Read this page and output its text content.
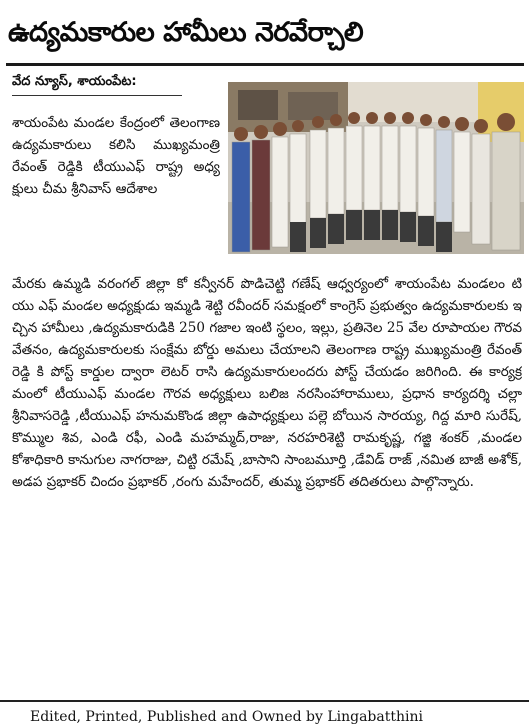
ఉద్యమకారుల హామీలు నెరవేర్చాలి
వేద న్యూస్, శాయంపేట:
శాయంపేట మండల కేంద్రంలో తెలంగాణ ఉద్యమకారులు కలిసి ముఖ్యమంత్రి రేవంత్ రెడ్డికి టీయుఎఫ్ రాష్ట్ర అధ్యక్షులు చీమ శ్రీనివాస్ ఆదేశాల
మేరకు ఉమ్మడి వరంగల్ జిల్లా కో కన్వీనర్ పొడిచెట్టి గణేష్ ఆధ్వర్యంలో శాయంపేట మండలం టి యు ఎఫ్ మండల అధ్యక్షుడు ఇమ్మడి శెట్టి రవీందర్ సమక్షంలో కాంగ్రెస్ ప్రభుత్వం ఉద్యమకారులకు ఇచ్చిన హామీలు ,ఉద్యమకారుడికి 250 గజాల ఇంటి స్థలం, ఇల్లు, ప్రతినెల 25 వేల రూపాయల గౌరవ వేతనం, ఉద్యమకారులకు సంక్షేమ బోర్డు అమలు చేయాలని తెలంగాణ రాష్ట్ర ముఖ్యమంత్రి రేవంత్ రెడ్డి కి పోస్ట్ కార్డుల ద్వారా లెటర్ రాసి ఉద్యమకారులందరు పోస్ట్ చేయడం జరిగింది. ఈ కార్యక్రమంలో టీయుఎఫ్ మండల గౌరవ అధ్యక్షులు బలిజ నరసింహారాములు, ప్రధాన కార్యదర్శి చల్లా శ్రీనివాసరెడ్డి ,టీయుఎఫ్ హనుమకొండ జిల్లా ఉపాధ్యక్షులు పల్లె బోయిన సారయ్య, గిద్ద మారి సురేష్, కొమ్ముల శివ, ఎండి రఫీ, ఎండి మహమ్మద్,రాజు, నరహరిశెట్టి రామకృష్ణ, గజ్జి శంకర్ ,మండల కోశాధికారి కానుగుల నాగరాజు, చిట్టి రమేష్ ,బాసాని సాంబమూర్తి ,డేవిడ్ రాజ్ ,నమిత బాజీ అశోక్, అడప ప్రభాకర్ చిందం ప్రభాకర్ ,రంగు మహేందర్, తుమ్మ ప్రభాకర్ తదితరులు పాల్గొన్నారు.
Edited, Printed, Published and Owned by Lingabatthini
